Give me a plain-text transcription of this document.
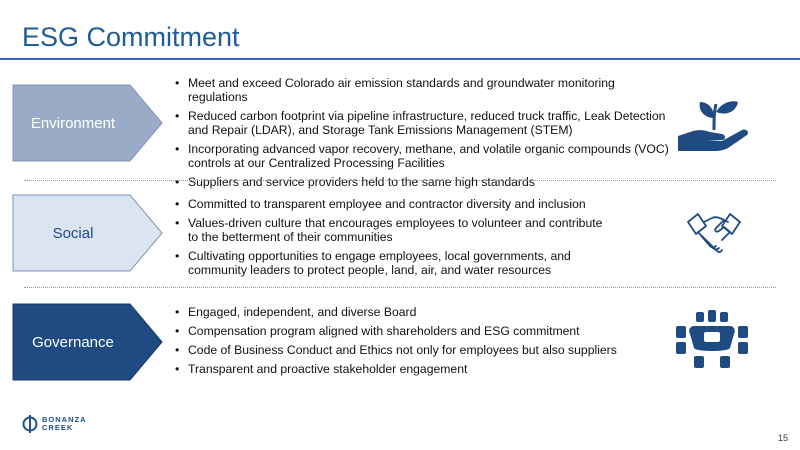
ESG Commitment
Environment
• Meet and exceed Colorado air emission standards and groundwater monitoring regulations
• Reduced carbon footprint via pipeline infrastructure, reduced truck traffic, Leak Detection and Repair (LDAR), and Storage Tank Emissions Management (STEM)
• Incorporating advanced vapor recovery, methane, and volatile organic compounds (VOC) controls at our Centralized Processing Facilities
• Suppliers and service providers held to the same high standards
Social
• Committed to transparent employee and contractor diversity and inclusion
• Values-driven culture that encourages employees to volunteer and contribute to the betterment of their communities
• Cultivating opportunities to engage employees, local governments, and community leaders to protect people, land, air, and water resources
Governance
• Engaged, independent, and diverse Board
• Compensation program aligned with shareholders and ESG commitment
• Code of Business Conduct and Ethics not only for employees but also suppliers
• Transparent and proactive stakeholder engagement
BONANZA
CREEK
15
